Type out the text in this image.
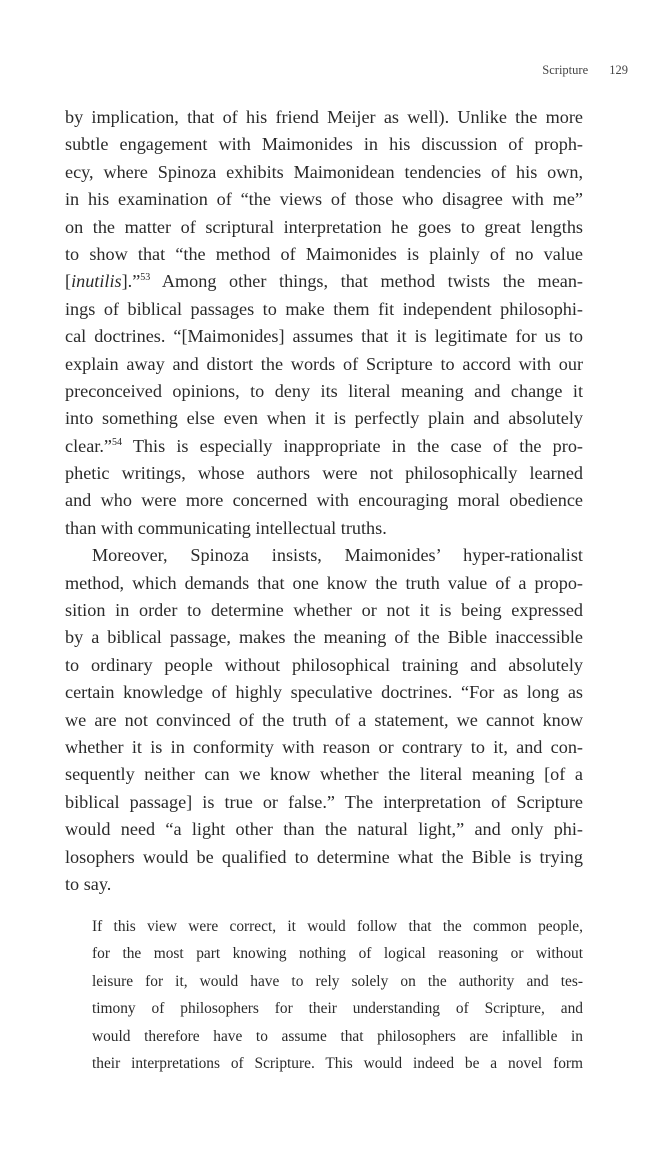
Scripture 129
by implication, that of his friend Meijer as well). Unlike the more
subtle engagement with Maimonides in his discussion of proph-
ecy, where Spinoza exhibits Maimonidean tendencies of his own,
in his examination of “the views of those who disagree with me”
on the matter of scriptural interpretation he goes to great lengths
to show that “the method of Maimonides is plainly of no value
[inutilis].”$^{53}$ Among other things, that method twists the mean-
ings of biblical passages to make them fit independent philosophi-
cal doctrines. “[Maimonides] assumes that it is legitimate for us to
explain away and distort the words of Scripture to accord with our
preconceived opinions, to deny its literal meaning and change it
into something else even when it is perfectly plain and absolutely
clear.”$^{54}$ This is especially inappropriate in the case of the pro-
phetic writings, whose authors were not philosophically learned
and who were more concerned with encouraging moral obedience
than with communicating intellectual truths.
Moreover, Spinoza insists, Maimonides’ hyper-rationalist
method, which demands that one know the truth value of a propo-
sition in order to determine whether or not it is being expressed
by a biblical passage, makes the meaning of the Bible inaccessible
to ordinary people without philosophical training and absolutely
certain knowledge of highly speculative doctrines. “For as long as
we are not convinced of the truth of a statement, we cannot know
whether it is in conformity with reason or contrary to it, and con-
sequently neither can we know whether the literal meaning [of a
biblical passage] is true or false.” The interpretation of Scripture
would need “a light other than the natural light,” and only phi-
losophers would be qualified to determine what the Bible is trying
to say.
If this view were correct, it would follow that the common people,
for the most part knowing nothing of logical reasoning or without
leisure for it, would have to rely solely on the authority and tes-
timony of philosophers for their understanding of Scripture, and
would therefore have to assume that philosophers are infallible in
their interpretations of Scripture. This would indeed be a novel form
